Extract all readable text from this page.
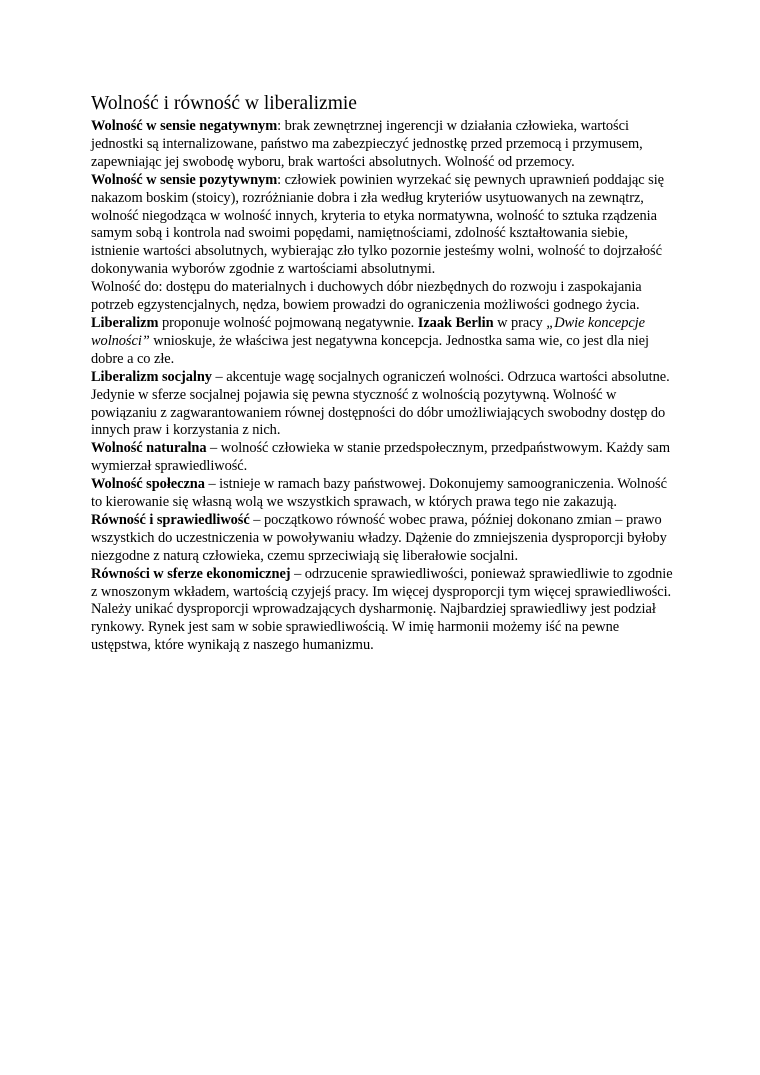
Wolność i równość w liberalizmie

Wolność w sensie negatywnym: brak zewnętrznej ingerencji w działania człowieka, wartości jednostki są internalizowane, państwo ma zabezpieczyć jednostkę przed przemocą i przymusem, zapewniając jej swobodę wyboru, brak wartości absolutnych. Wolność od przemocy.

Wolność w sensie pozytywnym: człowiek powinien wyrzekać się pewnych uprawnień poddając się nakazom boskim (stoicy), rozróżnianie dobra i zła według kryteriów usytuowanych na zewnątrz, wolność niegodząca w wolność innych, kryteria to etyka normatywna, wolność to sztuka rządzenia samym sobą i kontrola nad swoimi popędami, namiętnościami, zdolność kształtowania siebie, istnienie wartości absolutnych, wybierając zło tylko pozornie jesteśmy wolni, wolność to dojrzałość dokonywania wyborów zgodnie z wartościami absolutnymi.

Wolność do: dostępu do materialnych i duchowych dóbr niezbędnych do rozwoju i zaspokajania potrzeb egzystencjalnych, nędza, bowiem prowadzi do ograniczenia możliwości godnego życia.

Liberalizm proponuje wolność pojmowaną negatywnie. Izaak Berlin w pracy „Dwie koncepcje wolności” wnioskuje, że właściwa jest negatywna koncepcja. Jednostka sama wie, co jest dla niej dobre a co złe.

Liberalizm socjalny – akcentuje wagę socjalnych ograniczeń wolności. Odrzuca wartości absolutne. Jedynie w sferze socjalnej pojawia się pewna styczność z wolnością pozytywną. Wolność w powiązaniu z zagwarantowaniem równej dostępności do dóbr umożliwiających swobodny dostęp do innych praw i korzystania z nich.

Wolność naturalna – wolność człowieka w stanie przedspołecznym, przedpaństwowym. Każdy sam wymierzał sprawiedliwość.

Wolność społeczna – istnieje w ramach bazy państwowej. Dokonujemy samoograniczenia. Wolność to kierowanie się własną wolą we wszystkich sprawach, w których prawa tego nie zakazują.

Równość i sprawiedliwość – początkowo równość wobec prawa, później dokonano zmian – prawo wszystkich do uczestniczenia w powoływaniu władzy. Dążenie do zmniejszenia dysproporcji byłoby niezgodne z naturą człowieka, czemu sprzeciwiają się liberałowie socjalni.

Równości w sferze ekonomicznej – odrzucenie sprawiedliwości, ponieważ sprawiedliwie to zgodnie z wnoszonym wkładem, wartością czyjejś pracy. Im więcej dysproporcji tym więcej sprawiedliwości. Należy unikać dysproporcji wprowadzających dysharmonię. Najbardziej sprawiedliwy jest podział rynkowy. Rynek jest sam w sobie sprawiedliwością. W imię harmonii możemy iść na pewne ustępstwa, które wynikają z naszego humanizmu.
